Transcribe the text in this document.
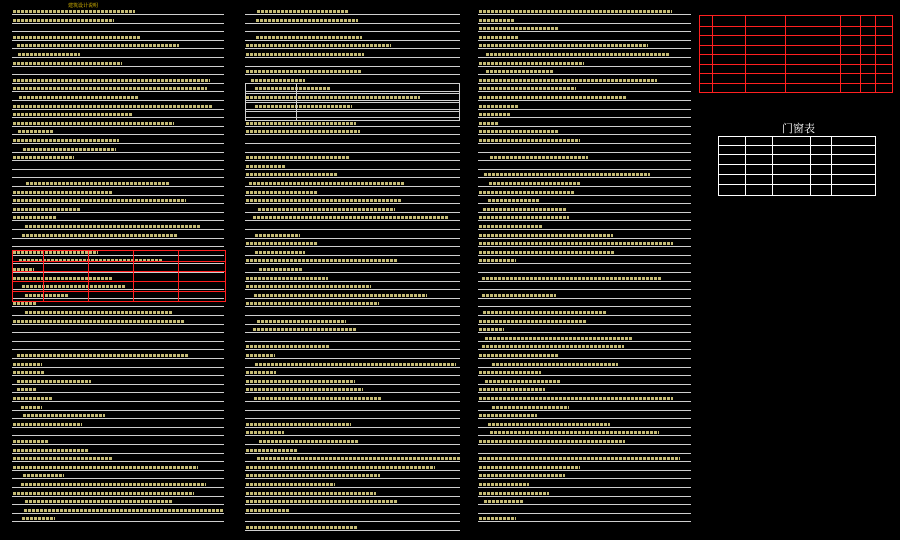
建筑设计说明
门窗表
